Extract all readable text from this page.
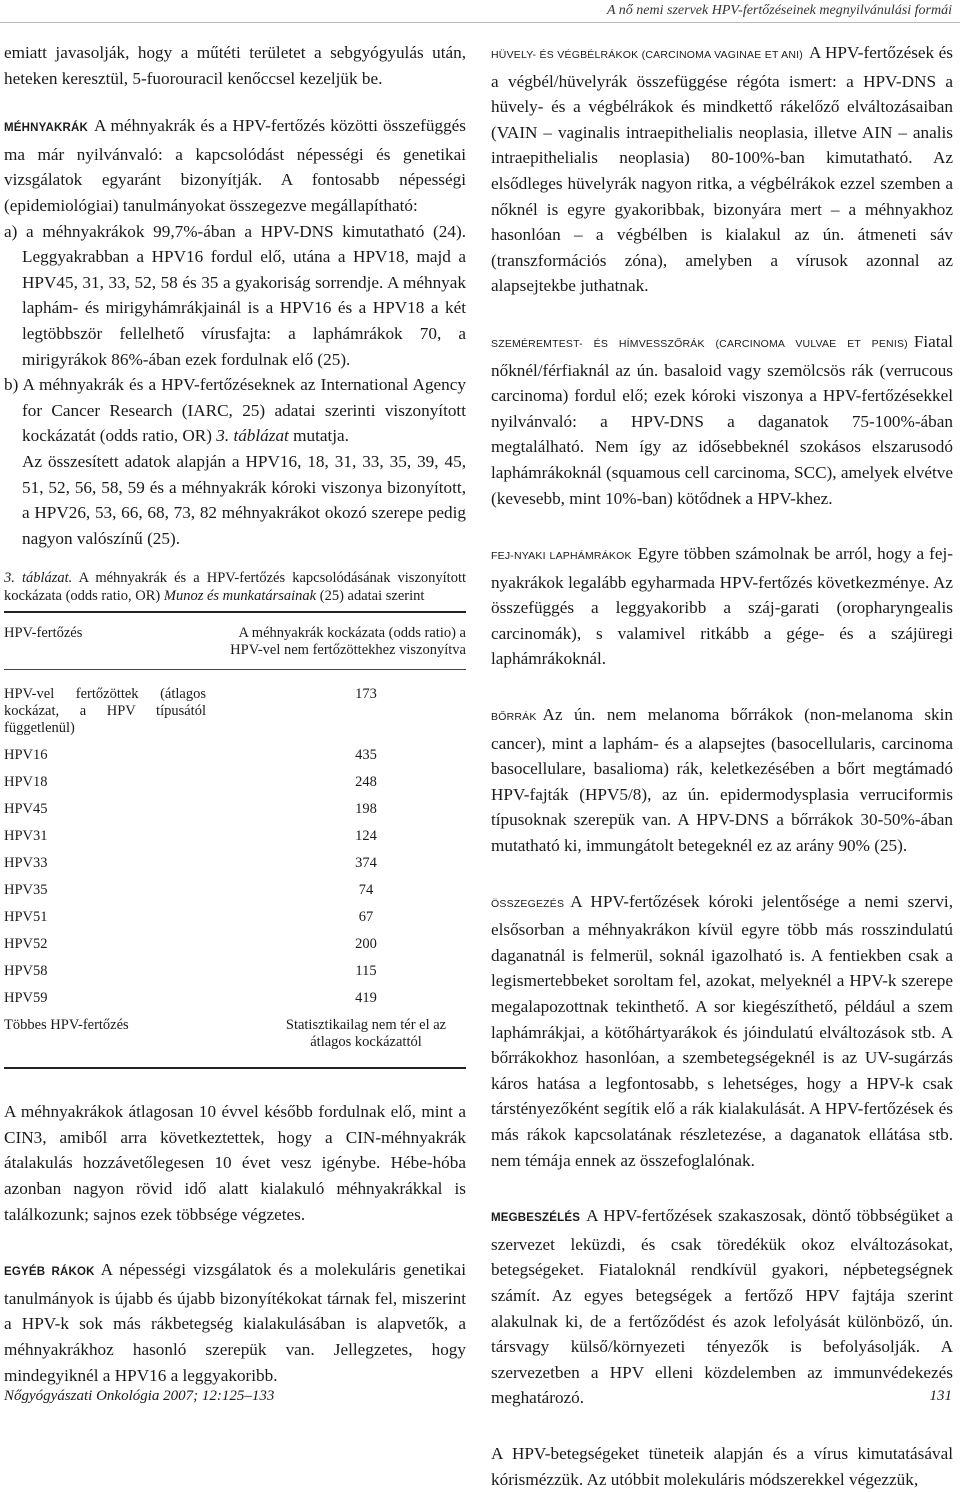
A nő nemi szervek HPV-fertőzéseinek megnyilvánulási formái

emiatt javasolják, hogy a műtéti területet a sebgyógyulás után, heteken keresztül, 5-fuorouracil kenőccsel kezeljük be.

MÉHNYAKRÁK A méhnyakrák és a HPV-fertőzés közötti összefüggés ma már nyilvánvaló: a kapcsolódást népességi és genetikai vizsgálatok egyaránt bizonyítják. A fontosabb népességi (epidemiológiai) tanulmányokat összegezve megállapítható:

a) a méhnyakrákok 99,7%-ában a HPV-DNS kimutatható (24). Leggyakrabban a HPV16 fordul elő, utána a HPV18, majd a HPV45, 31, 33, 52, 58 és 35 a gyakoriság sorrendje. A méhnyak laphám- és mirigyhámrákjainál is a HPV16 és a HPV18 a két legtöbbször fellelhető vírusfajta: a laphámrákok 70, a mirigyrákok 86%-ában ezek fordulnak elő (25).

b) A méhnyakrák és a HPV-fertőzéseknek az International Agency for Cancer Research (IARC, 25) adatai szerinti viszonyított kockázatát (odds ratio, OR) 3. táblázat mutatja.

Az összesített adatok alapján a HPV16, 18, 31, 33, 35, 39, 45, 51, 52, 56, 58, 59 és a méhnyakrák kóroki viszonya bizonyított, a HPV26, 53, 66, 68, 73, 82 méhnyakrákot okozó szerepe pedig nagyon valószínű (25).

3. táblázat. A méhnyakrák és a HPV-fertőzés kapcsolódásának viszonyított kockázata (odds ratio, OR) Munoz és munkatársainak (25) adatai szerint
HPV-fertőzés	A méhnyakrák kockázata (odds ratio) a HPV-vel nem fertőzöttekhez viszonyítva
HPV-vel fertőzöttek (átlagos kockázat, a HPV típusától függetlenül)	173
HPV16	435
HPV18	248
HPV45	198
HPV31	124
HPV33	374
HPV35	74
HPV51	67
HPV52	200
HPV58	115
HPV59	419
Többes HPV-fertőzés	Statisztikailag nem tér el az átlagos kockázattól

A méhnyakrákok átlagosan 10 évvel később fordulnak elő, mint a CIN3, amiből arra következtettek, hogy a CIN-méhnyakrák átalakulás hozzávetőlegesen 10 évet vesz igénybe. Hébe-hóba azonban nagyon rövid idő alatt kialakuló méhnyakrákkal is találkozunk; sajnos ezek többsége végzetes.

EGYÉB RÁKOK A népességi vizsgálatok és a molekuláris genetikai tanulmányok is újabb és újabb bizonyítékokat tárnak fel, miszerint a HPV-k sok más rákbetegség kialakulásában is alapvetők, a méhnyakrákhoz hasonló szerepük van. Jellegzetes, hogy mindegyiknél a HPV16 a leggyakoribb.

HÜVELY- ÉS VÉGBÉLRÁKOK (CARCINOMA VAGINAE ET ANI) A HPV-fertőzések és a végbél/hüvelyrák összefüggése régóta ismert: a HPV-DNS a hüvely- és a végbélrákok és mindkettő rákelőző elváltozásaiban (VAIN – vaginalis intraepithelialis neoplasia, illetve AIN – analis intraepithelialis neoplasia) 80-100%-ban kimutatható. Az elsődleges hüvelyrák nagyon ritka, a végbélrákok ezzel szemben a nőknél is egyre gyakoribbak, bizonyára mert – a méhnyakhoz hasonlóan – a végbélben is kialakul az ún. átmeneti sáv (transzformációs zóna), amelyben a vírusok azonnal az alapsejtekbe juthatnak.

SZEMÉREMTEST- ÉS HÍMVESSZŐRÁK (CARCINOMA VULVAE ET PENIS) Fiatal nőknél/férfiaknál az ún. basaloid vagy szemölcsös rák (verrucous carcinoma) fordul elő; ezek kóroki viszonya a HPV-fertőzésekkel nyilvánvaló: a HPV-DNS a daganatok 75-100%-ában megtalálható. Nem így az idősebbeknél szokásos elszarusodó laphámrákoknál (squamous cell carcinoma, SCC), amelyek elvétve (kevesebb, mint 10%-ban) kötődnek a HPV-khez.

FEJ-NYAKI LAPHÁMRÁKOK Egyre többen számolnak be arról, hogy a fej-nyakrákok legalább egyharmada HPV-fertőzés következménye. Az összefüggés a leggyakoribb a száj-garati (oropharyngealis carcinomák), s valamivel ritkább a gége- és a szájüregi laphámrákoknál.

BŐRRÁK Az ún. nem melanoma bőrrákok (non-melanoma skin cancer), mint a laphám- és a alapsejtes (basocellularis, carcinoma basocellulare, basalioma) rák, keletkezésében a bőrt megtámadó HPV-fajták (HPV5/8), az ún. epidermodysplasia verruciformis típusoknak szerepük van. A HPV-DNS a bőrrákok 30-50%-ában mutatható ki, immungátolt betegeknél ez az arány 90% (25).

ÖSSZEGEZÉS A HPV-fertőzések kóroki jelentősége a nemi szervi, elsősorban a méhnyakrákon kívül egyre több más rosszindulatú daganatnál is felmerül, soknál igazolható is. A fentiekben csak a legismertebbeket soroltam fel, azokat, melyeknél a HPV-k szerepe megalapozottnak tekinthető. A sor kiegészíthető, például a szem laphámrákjai, a kötőhártyarákok és jóindulatú elváltozások stb. A bőrrákokhoz hasonlóan, a szembetegségeknél is az UV-sugárzás káros hatása a legfontosabb, s lehetséges, hogy a HPV-k csak társtényezőként segítik elő a rák kialakulását. A HPV-fertőzések és más rákok kapcsolatának részletezése, a daganatok ellátása stb. nem témája ennek az összefoglalónak.

MEGBESZÉLÉS A HPV-fertőzések szakaszosak, döntő többségüket a szervezet leküzdi, és csak töredékük okoz elváltozásokat, betegségeket. Fiataloknál rendkívül gyakori, népbetegségnek számít. Az egyes betegségek a fertőző HPV fajtája szerint alakulnak ki, de a fertőződést és azok lefolyását különböző, ún. társvagy külső/környezeti tényezők is befolyásolják. A szervezetben a HPV elleni közdelemben az immunvédekezés meghatározó.

A HPV-betegségeket tüneteik alapján és a vírus kimutatásával kórismézzük. Az utóbbit molekuláris módszerekkel végezzük,

Nőgyógyászati Onkológia 2007; 12:125–133	131
